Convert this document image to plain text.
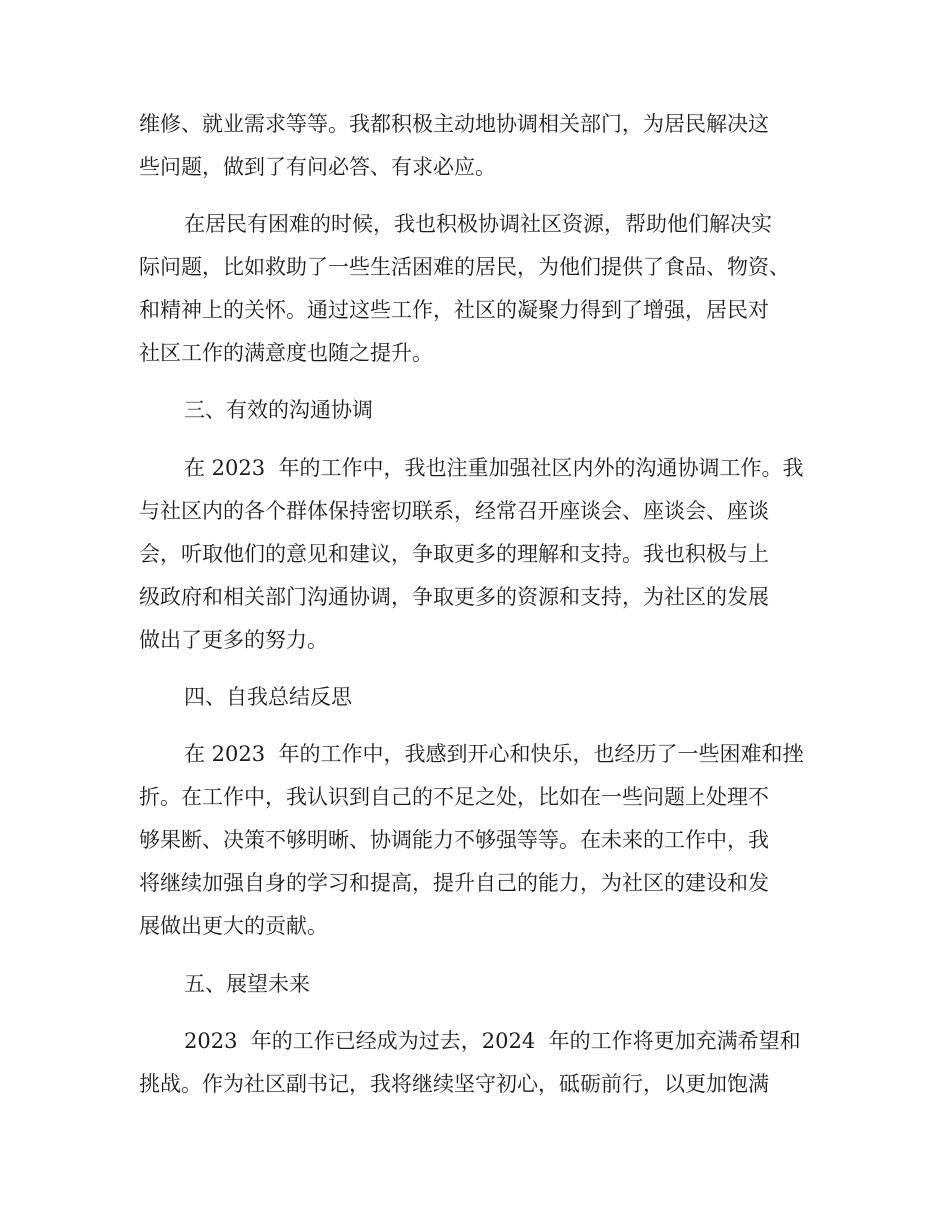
维修、就业需求等等。我都积极主动地协调相关部门，为居民解决这
些问题，做到了有问必答、有求必应。
在居民有困难的时候，我也积极协调社区资源，帮助他们解决实
际问题，比如救助了一些生活困难的居民，为他们提供了食品、物资、
和精神上的关怀。通过这些工作，社区的凝聚力得到了增强，居民对
社区工作的满意度也随之提升。
三、有效的沟通协调
在 2023  年的工作中，我也注重加强社区内外的沟通协调工作。我
与社区内的各个群体保持密切联系，经常召开座谈会、座谈会、座谈
会，听取他们的意见和建议，争取更多的理解和支持。我也积极与上
级政府和相关部门沟通协调，争取更多的资源和支持，为社区的发展
做出了更多的努力。
四、自我总结反思
在 2023  年的工作中，我感到开心和快乐，也经历了一些困难和挫
折。在工作中，我认识到自己的不足之处，比如在一些问题上处理不
够果断、决策不够明晰、协调能力不够强等等。在未来的工作中，我
将继续加强自身的学习和提高，提升自己的能力，为社区的建设和发
展做出更大的贡献。
五、展望未来
2023  年的工作已经成为过去，2024  年的工作将更加充满希望和
挑战。作为社区副书记，我将继续坚守初心，砥砺前行，以更加饱满
